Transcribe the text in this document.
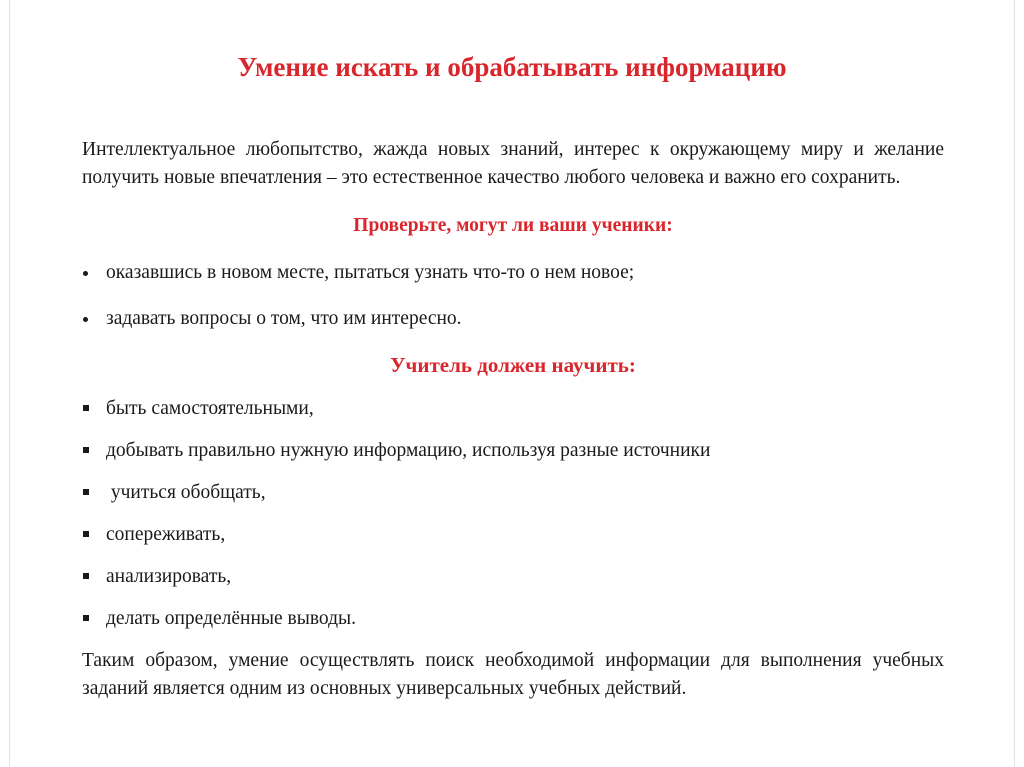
Умение искать и обрабатывать информацию

Интеллектуальное любопытство, жажда новых знаний, интерес к окружающему миру и желание получить новые впечатления – это естественное качество любого человека и важно его сохранить.

Проверьте, могут ли ваши ученики:

оказавшись в новом месте, пытаться узнать что-то о нем новое;
задавать вопросы о том, что им интересно.

Учитель должен научить:

быть самостоятельными,
добывать правильно нужную информацию, используя разные источники
учиться обобщать,
сопереживать,
анализировать,
делать определённые выводы.

Таким образом, умение осуществлять поиск необходимой информации для выполнения учебных заданий является одним из основных универсальных учебных действий.
